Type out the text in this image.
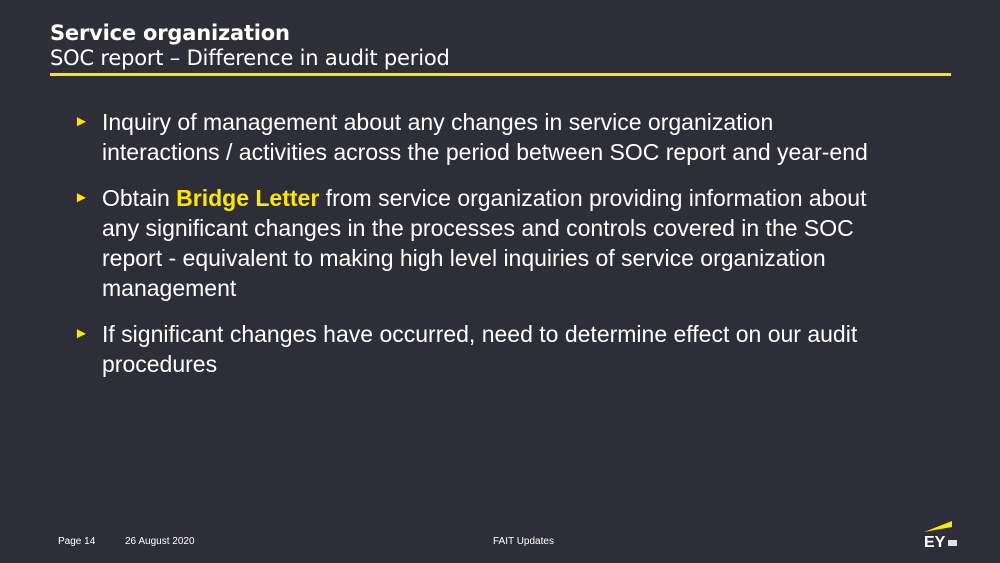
Service organization
SOC report – Difference in audit period
► Inquiry of management about any changes in service organization interactions / activities across the period between SOC report and year-end
► Obtain Bridge Letter from service organization providing information about any significant changes in the processes and controls covered in the SOC report - equivalent to making high level inquiries of service organization management
► If significant changes have occurred, need to determine effect on our audit procedures
Page 14	26 August 2020	FAIT Updates	EY
